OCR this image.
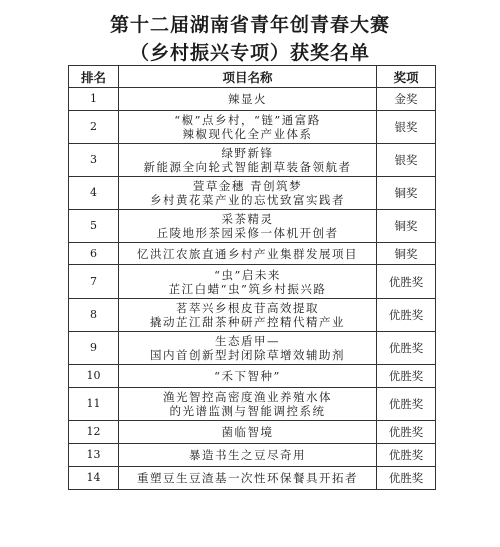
第十二届湖南省青年创青春大赛
（乡村振兴专项）获奖名单
排名	项目名称	奖项
1	辣显火	金奖
2	“椒”点乡村，“链”通富路
辣椒现代化全产业体系	银奖
3	绿野新锋
新能源全向轮式智能割草装备领航者	银奖
4	萱草金穗 青创筑梦
乡村黄花菜产业的忘忧致富实践者	铜奖
5	采茶精灵
丘陵地形茶园采修一体机开创者	铜奖
6	忆洪江农旅直通乡村产业集群发展项目	铜奖
7	“虫”启未来
芷江白蜡“虫”筑乡村振兴路	优胜奖
8	茗萃兴乡根皮苷高效提取
撬动芷江甜茶种研产控精代精产业	优胜奖
9	生态盾甲—
国内首创新型封闭除草增效辅助剂	优胜奖
10	“禾下智种”	优胜奖
11	渔光智控高密度渔业养殖水体
的光谱监测与智能调控系统	优胜奖
12	菌临智境	优胜奖
13	暴造书生之豆尽奇用	优胜奖
14	重塑豆生豆渣基一次性环保餐具开拓者	优胜奖
